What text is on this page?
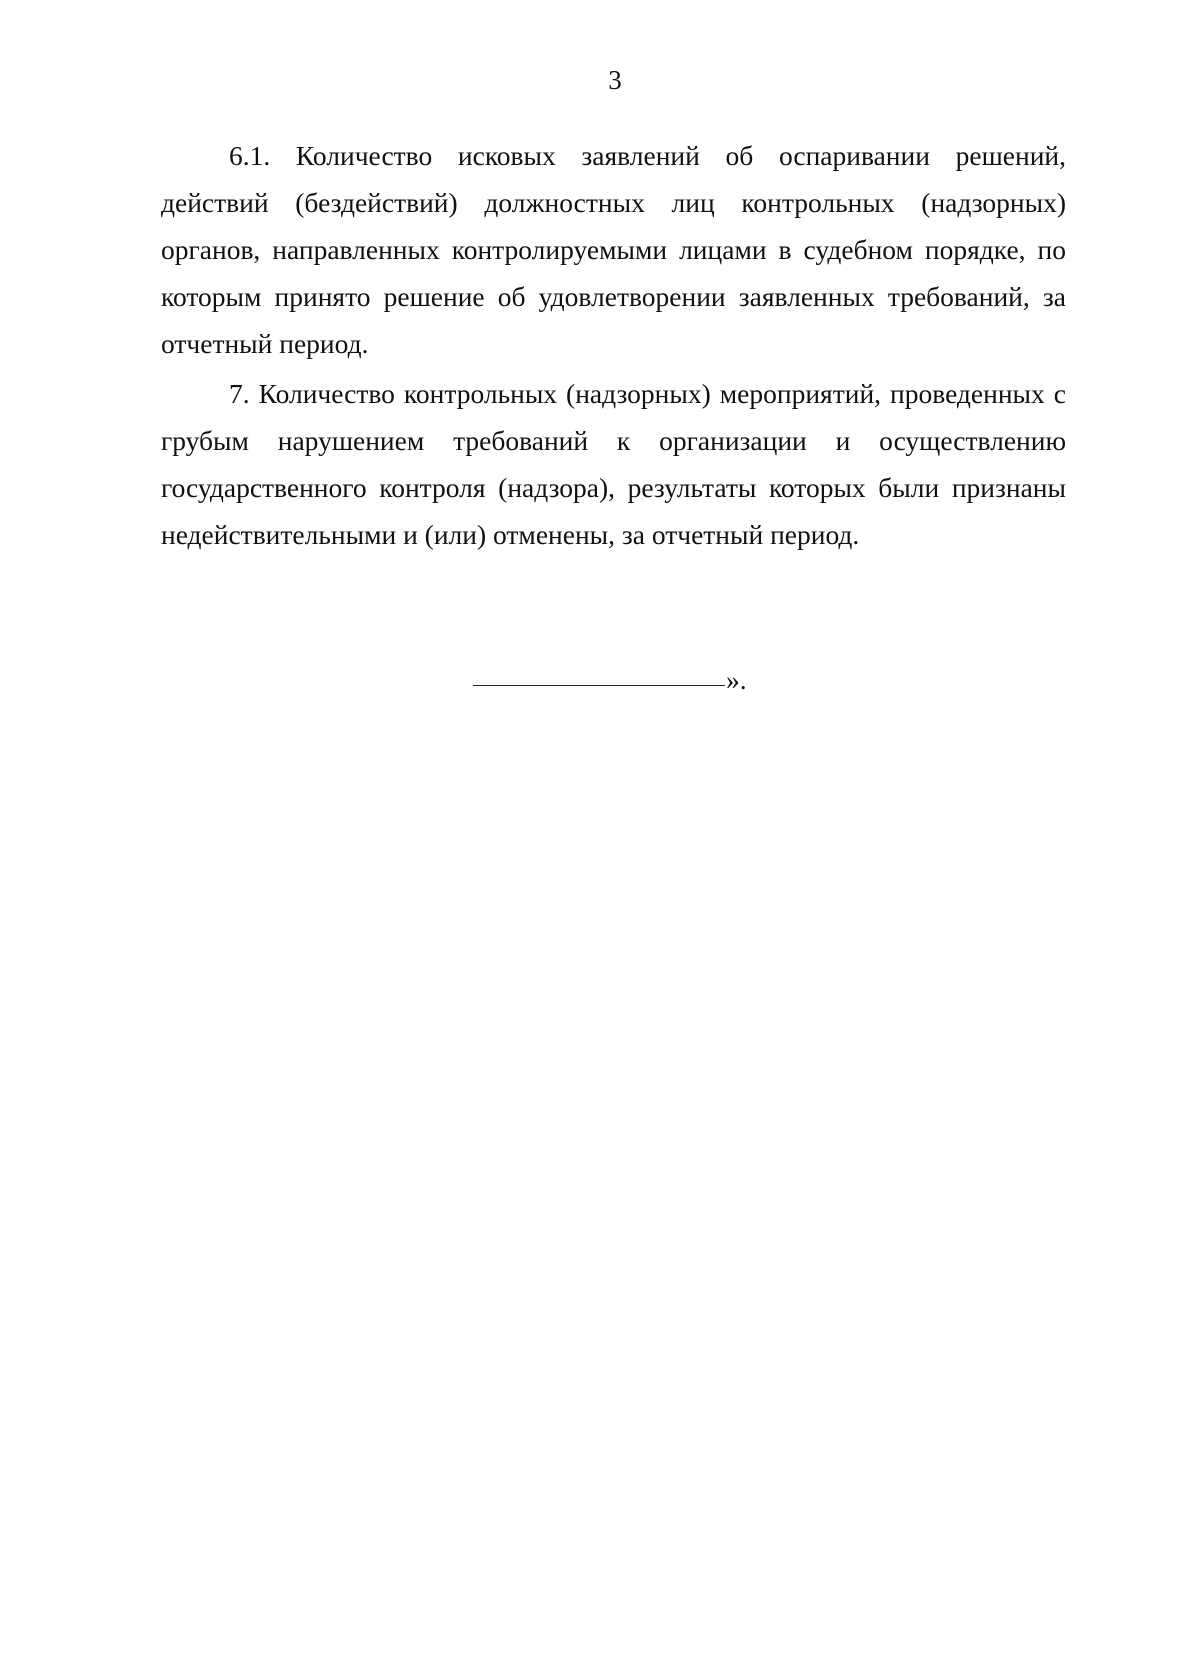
3

6.1. Количество исковых заявлений об оспаривании решений, действий (бездействий) должностных лиц контрольных (надзорных) органов, направленных контролируемыми лицами в судебном порядке, по которым принято решение об удовлетворении заявленных требований, за отчетный период.

7. Количество контрольных (надзорных) мероприятий, проведенных с грубым нарушением требований к организации и осуществлению государственного контроля (надзора), результаты которых были признаны недействительными и (или) отменены, за отчетный период.

».
